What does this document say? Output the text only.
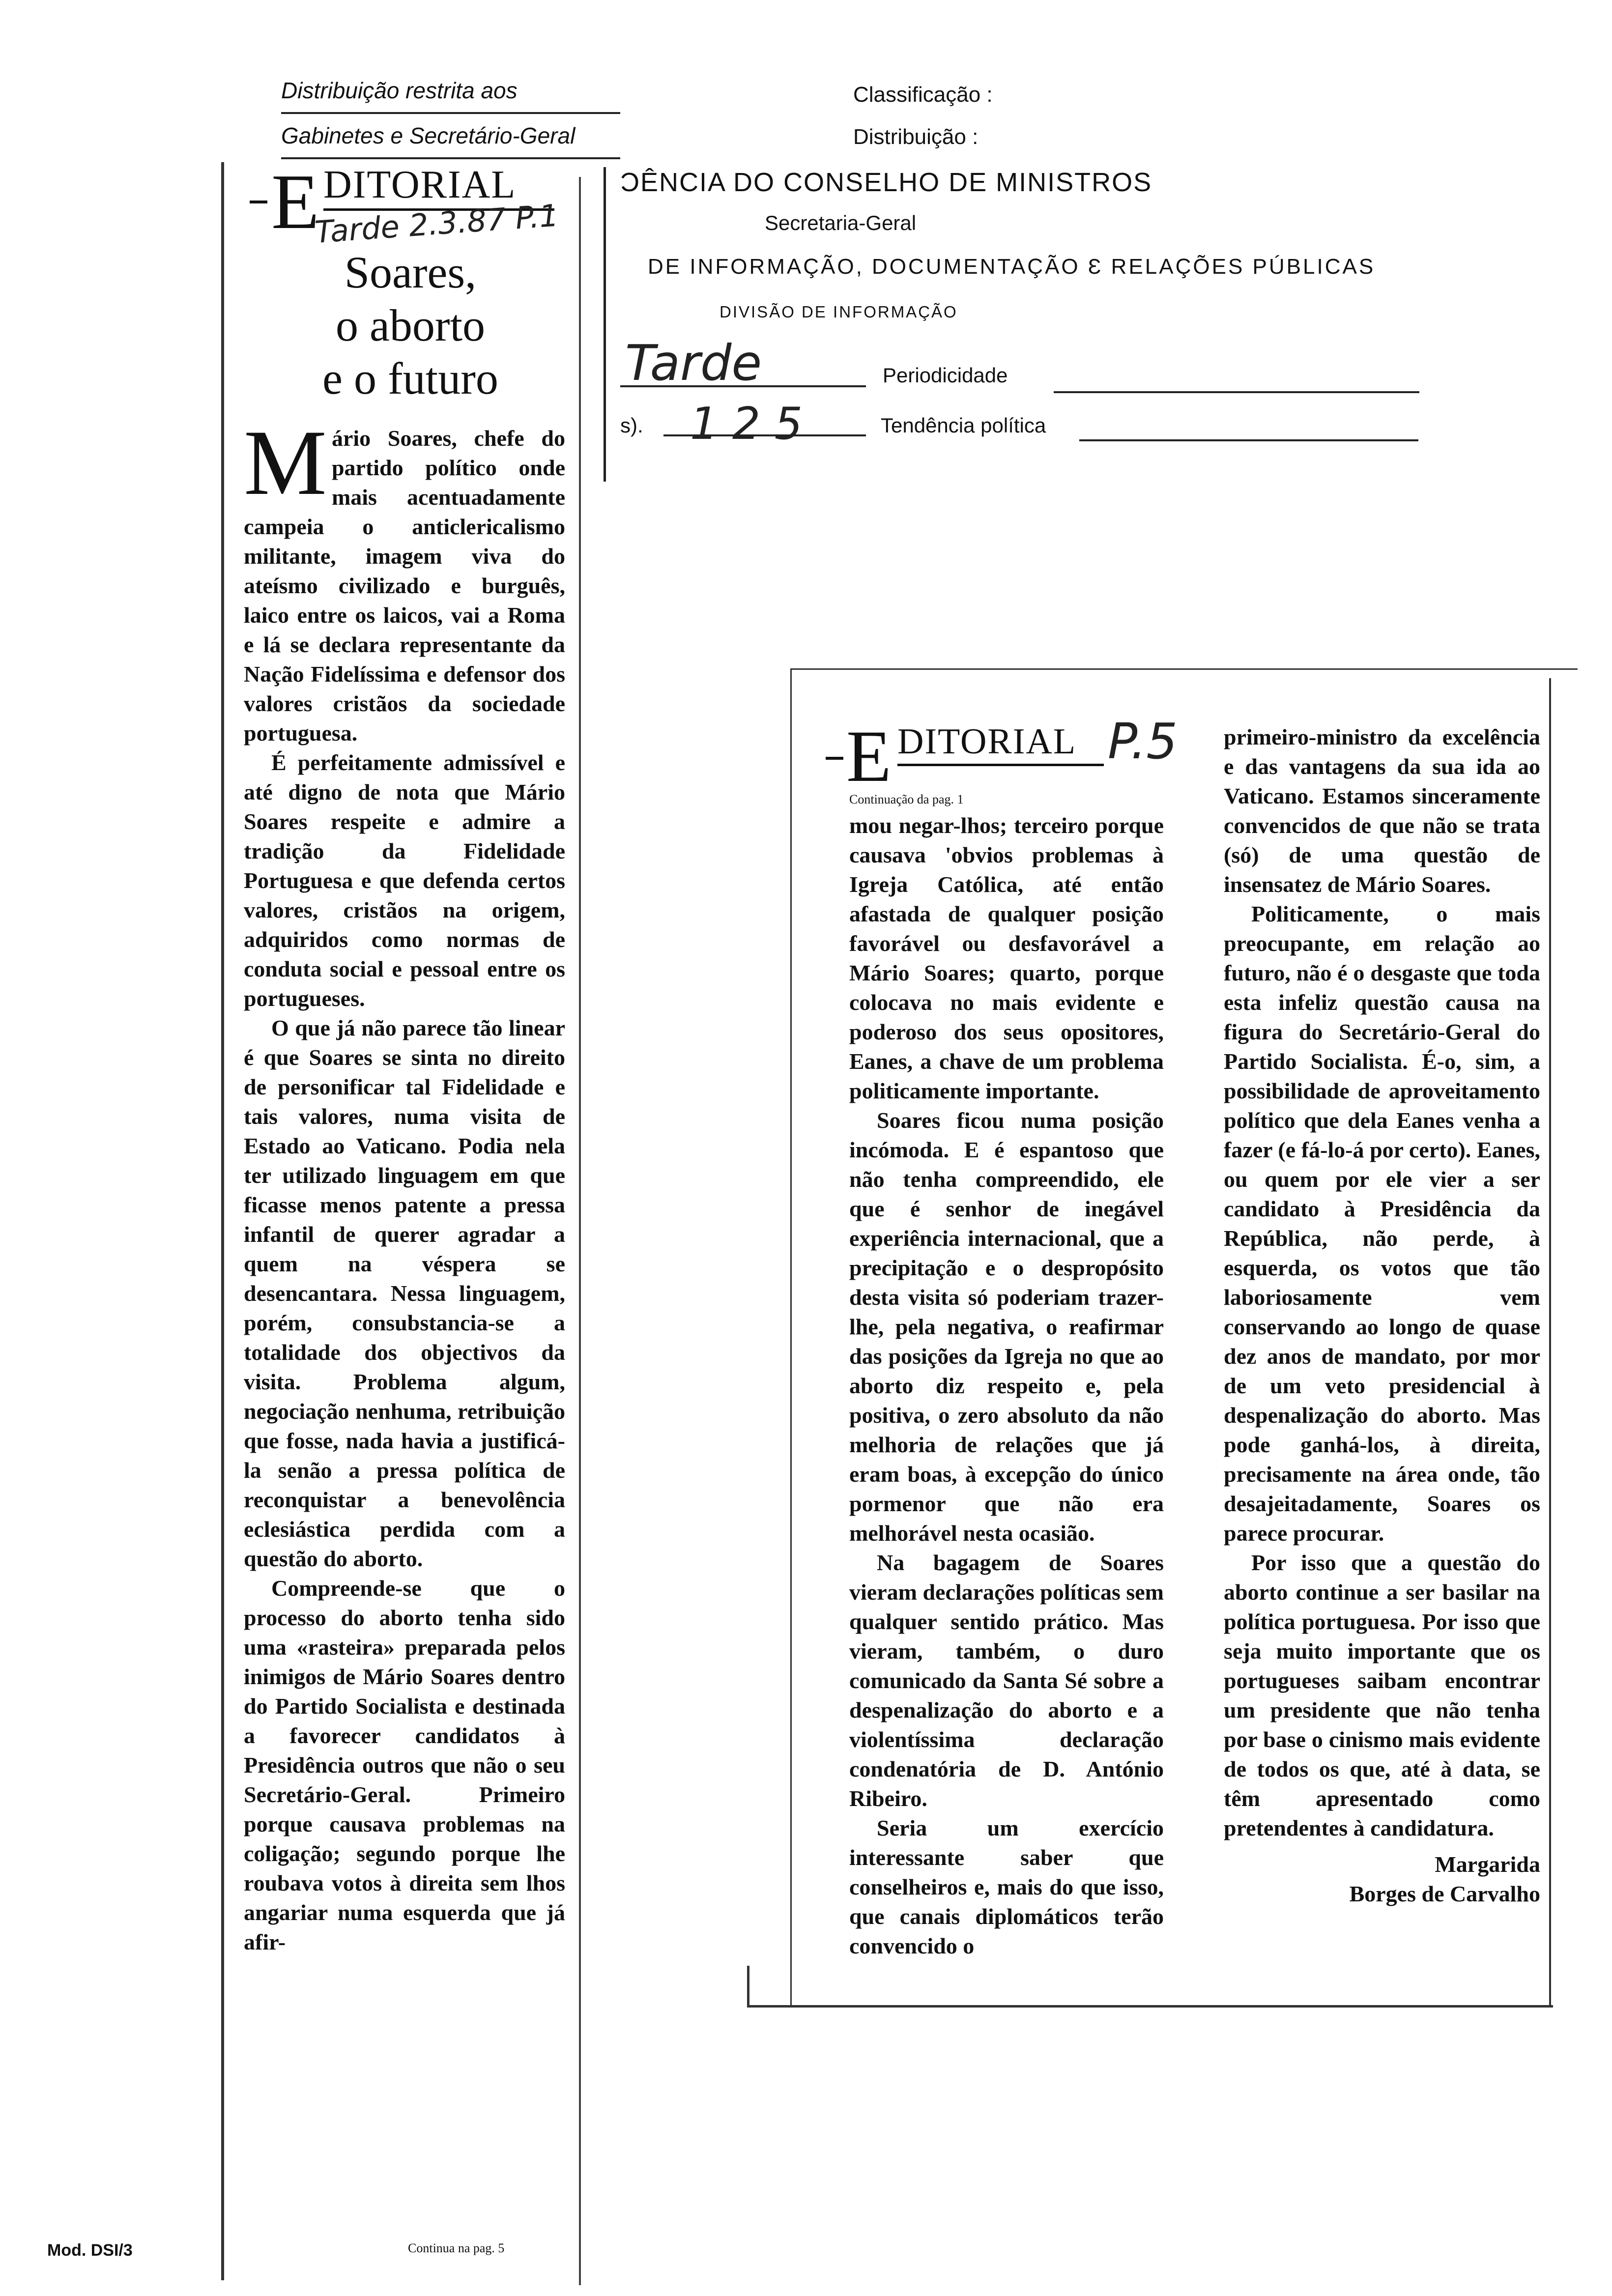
Distribuição restrita aos
Gabinetes e Secretário-Geral
Classificação :
Distribuição :
ƆÊNCIA DO CONSELHO DE MINISTROS
Secretaria-Geral
DE INFORMAÇÃO, DOCUMENTAÇÃO Ɛ RELAÇÕES PÚBLICAS
DIVISÃO DE INFORMAÇÃO
Tarde	Periodicidade
s). 1 2 5	Tendência política
E DITORIAL
Tarde 2.3.87 P.1
Soares,
o aborto
e o futuro

Mário Soares, chefe do partido político onde mais acentuadamente campeia o anticlericalismo militante, imagem viva do ateísmo civilizado e burguês, laico entre os laicos, vai a Roma e lá se declara representante da Nação Fidelíssima e defensor dos valores cristãos da sociedade portuguesa.

É perfeitamente admissível e até digno de nota que Mário Soares respeite e admire a tradição da Fidelidade Portuguesa e que defenda certos valores, cristãos na origem, adquiridos como normas de conduta social e pessoal entre os portugueses.

O que já não parece tão linear é que Soares se sinta no direito de personificar tal Fidelidade e tais valores, numa visita de Estado ao Vaticano. Podia nela ter utilizado linguagem em que ficasse menos patente a pressa infantil de querer agradar a quem na véspera se desencantara. Nessa linguagem, porém, consubstancia-se a totalidade dos objectivos da visita. Problema algum, negociação nenhuma, retribuição que fosse, nada havia a justificá-la senão a pressa política de reconquistar a benevolência eclesiástica perdida com a questão do aborto.

Compreende-se que o processo do aborto tenha sido uma «rasteira» preparada pelos inimigos de Mário Soares dentro do Partido Socialista e destinada a favorecer candidatos à Presidência outros que não o seu Secretário-Geral. Primeiro porque causava problemas na coligação; segundo porque lhe roubava votos à direita sem lhos angariar numa esquerda que já afir-

Continua na pag. 5
E DITORIAL P.5
Continuação da pag. 1

mou negar-lhos; terceiro porque causava 'obvios problemas à Igreja Católica, até então afastada de qualquer posição favorável ou desfavorável a Mário Soares; quarto, porque colocava no mais evidente e poderoso dos seus opositores, Eanes, a chave de um problema politicamente importante.

Soares ficou numa posição incómoda. E é espantoso que não tenha compreendido, ele que é senhor de inegável experiência internacional, que a precipitação e o despropósito desta visita só poderiam trazer-lhe, pela negativa, o reafirmar das posições da Igreja no que ao aborto diz respeito e, pela positiva, o zero absoluto da não melhoria de relações que já eram boas, à excepção do único pormenor que não era melhorável nesta ocasião.

Na bagagem de Soares vieram declarações políticas sem qualquer sentido prático. Mas vieram, também, o duro comunicado da Santa Sé sobre a despenalização do aborto e a violentíssima declaração condenatória de D. António Ribeiro.

Seria um exercício interessante saber que conselheiros e, mais do que isso, que canais diplomáticos terão convencido o

primeiro-ministro da excelência e das vantagens da sua ida ao Vaticano. Estamos sinceramente convencidos de que não se trata (só) de uma questão de insensatez de Mário Soares.

Politicamente, o mais preocupante, em relação ao futuro, não é o desgaste que toda esta infeliz questão causa na figura do Secretário-Geral do Partido Socialista. É-o, sim, a possibilidade de aproveitamento político que dela Eanes venha a fazer (e fá-lo-á por certo). Eanes, ou quem por ele vier a ser candidato à Presidência da República, não perde, à esquerda, os votos que tão laboriosamente vem conservando ao longo de quase dez anos de mandato, por mor de um veto presidencial à despenalização do aborto. Mas pode ganhá-los, à direita, precisamente na área onde, tão desajeitadamente, Soares os parece procurar.

Por isso que a questão do aborto continue a ser basilar na política portuguesa. Por isso que seja muito importante que os portugueses saibam encontrar um presidente que não tenha por base o cinismo mais evidente de todos os que, até à data, se têm apresentado como pretendentes à candidatura.

Margarida
Borges de Carvalho
Mod. DSI/3
